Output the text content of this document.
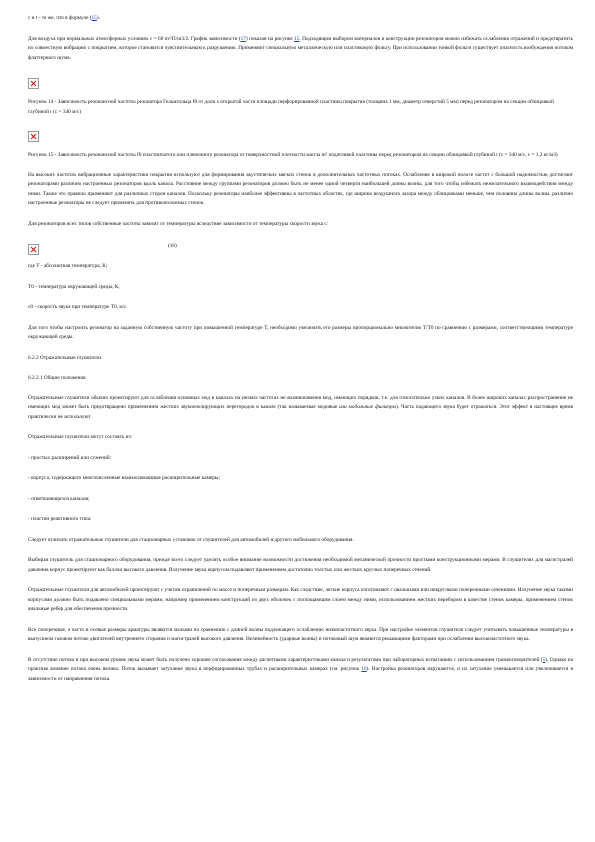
c и t - те же, что в формуле (15).

Для воздуха при нормальных атмосферных условиях с = 60 m²/Π/m3/2. График зависимости (17) показан на рисунке 15. Подходящим выбором материалов и конструкции резонаторов можно избежать ослабления отражений и предотвратить их совместную вибрацию с покрытием, которое становится чувствительным к разрушению. Применяют специальную металлическую или пластиковую фольгу. При использовании тонкой фольги существует опасность возбуждения потоком флаттерного шума.

Рисунок 14 - Зависимость резонансной частоты резонатора Гельмгольца f0 от доли s открытой части площади перфорированной пластины покрытия (толщина 1 мм, диаметр отверстий 5 мм) перед резонатором на секции облицовкой глубиной t (c = 340 м/с)
Рисунок 15 - Зависимость резонансной частоты f0 пластинчатого или пленочного резонатора от поверхностной плотности массы m² податливой пластины перед резонатором на секции облицовкой глубиной t (с = 340 м/с, ε = 1,2 кг/м3)

На высоких частотах вибрационные характеристики покрытия используют для формирования акустических мягких стенок в дополнительных частотных потоках. Ослабление в широкой полосе частот с большой надежностью достигают резонаторами различно настроенных резонаторов вдоль канала. Расстояние между группами резонаторов должно быть не менее одной четверти наибольшей длины волны, для того чтобы избежать нежелательного взаимодействия между ними. Также это правило применяют для различных сторон каналов. Поскольку резонаторы наиболее эффективны в частотных областях, где ширина воздушного зазора между облицовками меньше, чем половина длины волны, различно настроенные резонаторы не следует применять для противоположных стенок.

Для резонаторов всех типов собственные частоты зависят от температуры вследствие зависимости от температуры скорости звука c:

(16)

где T - абсолютная температура, К;

T0 - температура окружающей среды, К;

c0 - скорость звука при температуре T0, м/с.

Для того чтобы настроить резонатор на заданную собственную частоту при повышенной температуре T, необходимо увеличить его размеры пропорционально множителю T/T0 по сравнению с размерами, соответствующими температуре окружающей среды.

6.2.2 Отражательные глушители
6.2.2.1 Общие положения

Отражательные глушители обычно проектируют для ослабления основных мод в каналах на низких частотах не возникновения мод, имеющих порядков, т.е. для относительно узких каналов. В более широких каналах распространение не имеющих мод может быть предотвращено применением жестких звукоизолирующих перегородок в канале (так называемые модовые или модальные фильтры). Часть падающего звука будет отражаться. Этот эффект в настоящее время практически не используют.

Отражательные глушители могут состоять из:

- простых расширений или сужений;

- корпуса, содержащего многочисленные взаимосвязанные расширительные камеры;

- ответвляющихся каналов;

- пластин реактивного типа.

Следует отличать отражательные глушители для стационарных установок от глушителей для автомобилей и другого мобильного оборудования.

Выбирая глушитель для стационарного оборудования, прежде всего следует уделить особое внимание возможности достижения необходимой механической прочности простыми конструкционными мерами. В глушителях для магистралей давления корпус проектируют как баллон высокого давления. Излучение звука корпусом подавляют применением достаточно толстых или жестких круглых поперечных сечений.

Отражательные глушители для автомобилей проектируют с учетом ограничений по массе и поперечным размерам. Как следствие, легкие корпуса изготовляют с овальными или некруглыми поперечными сечениями. Излучение звука такими корпусами должно быть подавлено специальными мерами, например применением конструкций из двух оболочек с поглощающим слоем между ними, использованием жестких перебором в качестве стенок камеры, применением стенок анальные ребер для обеспечения прочности.

Все поперечные, а часто и осевые размеры арматуры являются малыми по сравнению с длиной волны подлежащего ослаблению низкочастотного звука. При настройке элементов глушителя следует учитывать повышенные температуры в выпускном газовом потоке двигателей внутреннего сгорания и магистралей высокого давления. Нелинейность (ударные волны) и потоковый шум являются решающими факторами при ослаблении высокочастотного звука.

В отсутствие потока и при высоком уровне звука может быть получено хорошее согласование между расчетными характеристиками канала и результатами при лабораторных испытаниях с использованием громкоговорителей (5). Однако на практике влияние потока очень велико. Поток вызывает затухание звука в перфорированных трубах и расширительных камерах (см. рисунок 16). Настройка резонаторов нарушается, и их затухание уменьшается или увеличивается в зависимости от направления потока.
